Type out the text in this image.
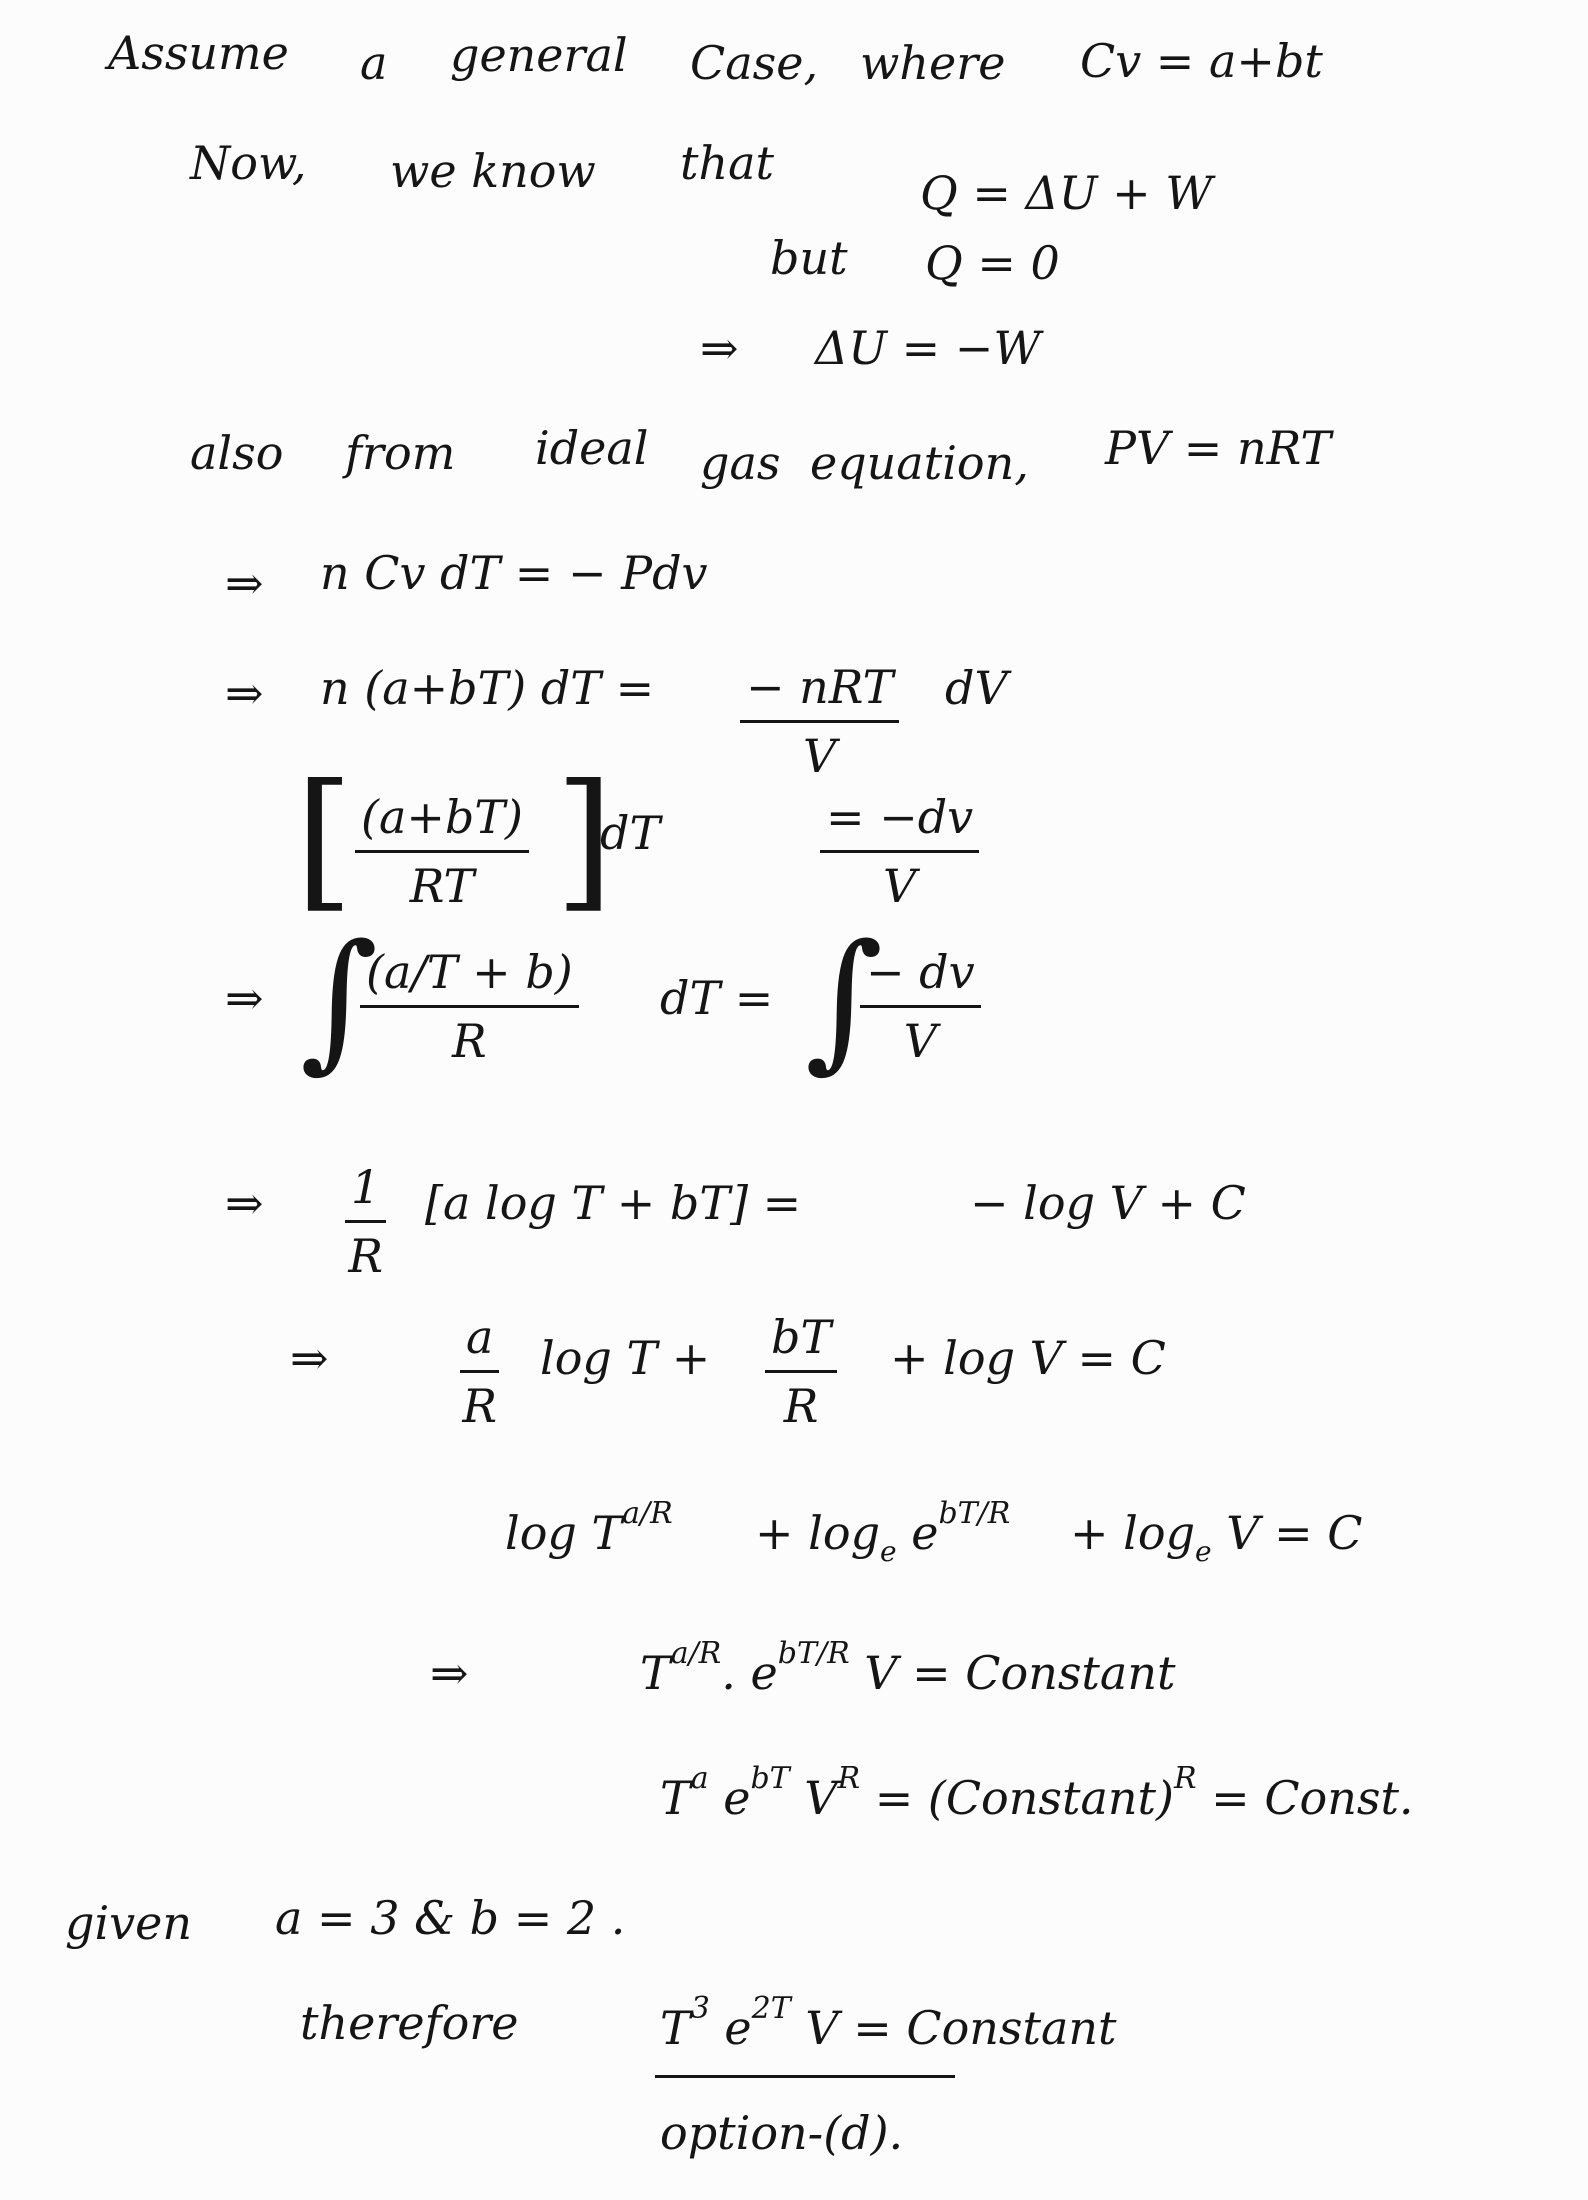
Assume a general Case, where Cv = a+bt
Now, we know that
Q = ΔU + W
but Q = 0
⇒ ΔU = −W
also from ideal gas equation, PV = nRT
⇒ n Cv dT = − Pdv
⇒ n (a+bT) dT = − nRT
V
dV
[ $\frac{(a+bT)}{RT}$ ]
dT	$\frac{= -dv}{V}$
⇒ ∫
$\frac{(a/T + b)}{R}$ dT = ∫
$\frac{- dv}{V}$
⇒ $\frac{1}{R} [a$ log T + bT] =	− log V + C
⇒	$\frac{a}{R}$ $\log T + \frac{bT}{R} + \log V = C$
$\log T^{a/R} + \log_e e^{bT/R} + \log_e V = C$
⇒	$T^{a/R}$. $e^{bT/R}$ V = Constant
$T^a$ $e^{bT}$ $V^R$ = (Constant)$^R$ = Const.
given a = 3 & b = 2 .
therefore	$T^3$ $e^{2T}$ V = Constant
option-(d).
